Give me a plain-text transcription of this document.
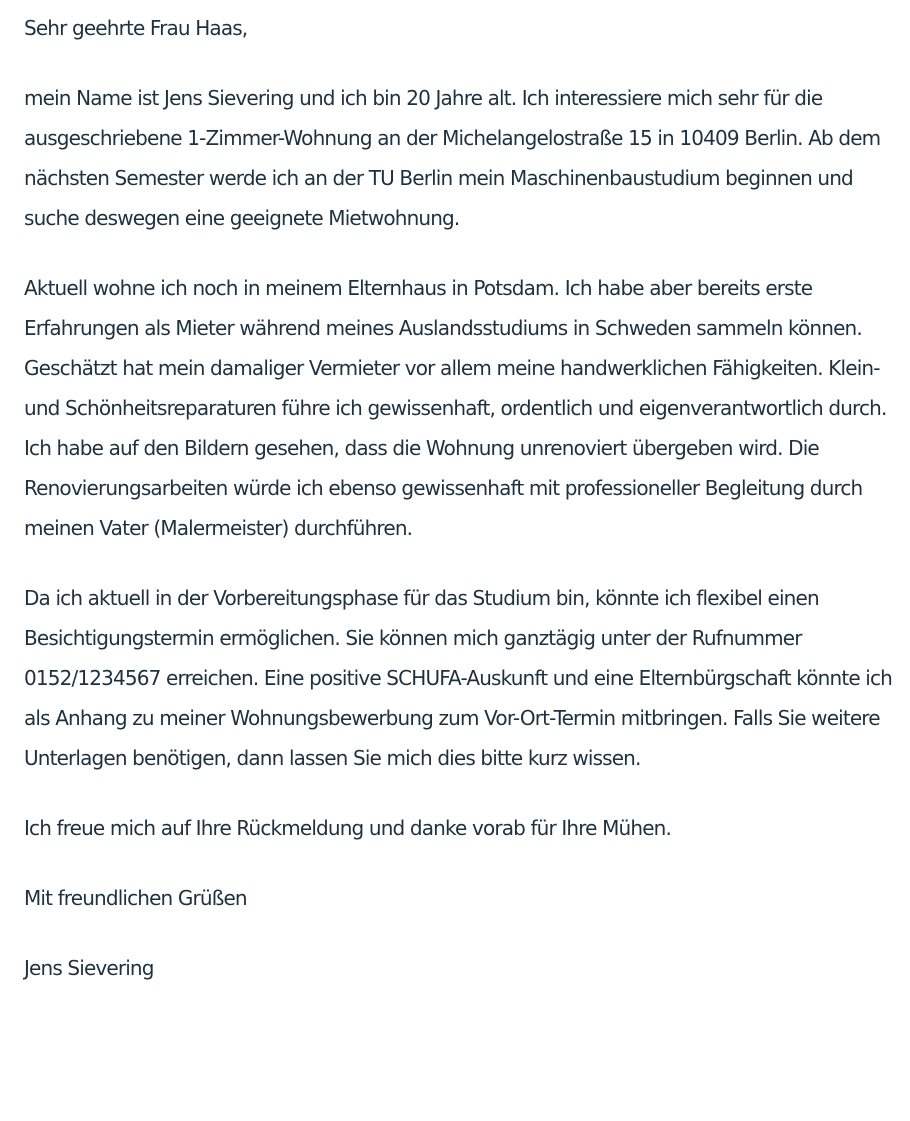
Sehr geehrte Frau Haas,

mein Name ist Jens Sievering und ich bin 20 Jahre alt. Ich interessiere mich sehr für die ausgeschriebene 1-Zimmer-Wohnung an der Michelangelostraße 15 in 10409 Berlin. Ab dem nächsten Semester werde ich an der TU Berlin mein Maschinenbaustudium beginnen und suche deswegen eine geeignete Mietwohnung.

Aktuell wohne ich noch in meinem Elternhaus in Potsdam. Ich habe aber bereits erste Erfahrungen als Mieter während meines Auslandsstudiums in Schweden sammeln können. Geschätzt hat mein damaliger Vermieter vor allem meine handwerklichen Fähigkeiten. Klein- und Schönheitsreparaturen führe ich gewissenhaft, ordentlich und eigenverantwortlich durch. Ich habe auf den Bildern gesehen, dass die Wohnung unrenoviert übergeben wird. Die Renovierungsarbeiten würde ich ebenso gewissenhaft mit professioneller Begleitung durch meinen Vater (Malermeister) durchführen.

Da ich aktuell in der Vorbereitungsphase für das Studium bin, könnte ich flexibel einen Besichtigungstermin ermöglichen. Sie können mich ganztägig unter der Rufnummer 0152/1234567 erreichen. Eine positive SCHUFA-Auskunft und eine Elternbürgschaft könnte ich als Anhang zu meiner Wohnungsbewerbung zum Vor-Ort-Termin mitbringen. Falls Sie weitere Unterlagen benötigen, dann lassen Sie mich dies bitte kurz wissen.

Ich freue mich auf Ihre Rückmeldung und danke vorab für Ihre Mühen.

Mit freundlichen Grüßen

Jens Sievering
